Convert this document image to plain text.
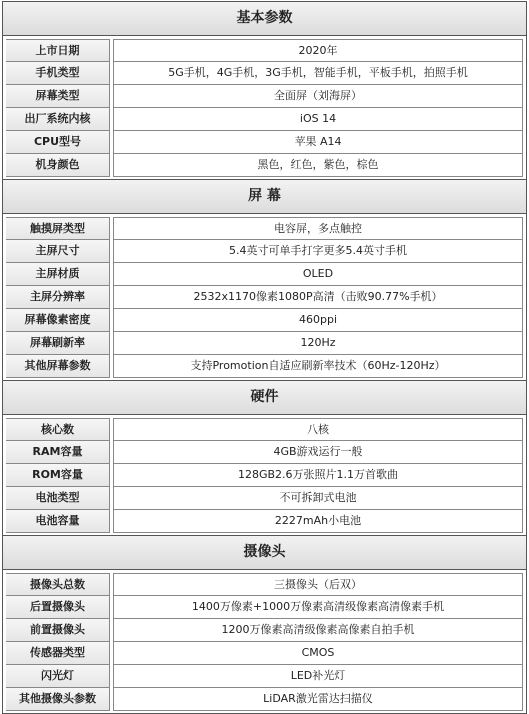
基本参数
上市日期	2020年
手机类型	5G手机，4G手机，3G手机，智能手机，平板手机，拍照手机
屏幕类型	全面屏（刘海屏）
出厂系统内核	iOS 14
CPU型号	苹果 A14
机身颜色	黑色，红色，紫色，棕色
屏 幕
触摸屏类型	电容屏，多点触控
主屏尺寸	5.4英寸可单手打字更多5.4英寸手机
主屏材质	OLED
主屏分辨率	2532x1170像素1080P高清（击败90.77%手机）
屏幕像素密度	460ppi
屏幕刷新率	120Hz
其他屏幕参数	支持Promotion自适应刷新率技术（60Hz-120Hz）
硬件
核心数	八核
RAM容量	4GB游戏运行一般
ROM容量	128GB2.6万张照片1.1万首歌曲
电池类型	不可拆卸式电池
电池容量	2227mAh小电池
摄像头
摄像头总数	三摄像头（后双）
后置摄像头	1400万像素+1000万像素高清级像素高清像素手机
前置摄像头	1200万像素高清级像素高像素自拍手机
传感器类型	CMOS
闪光灯	LED补光灯
其他摄像头参数	LiDAR激光雷达扫描仪
